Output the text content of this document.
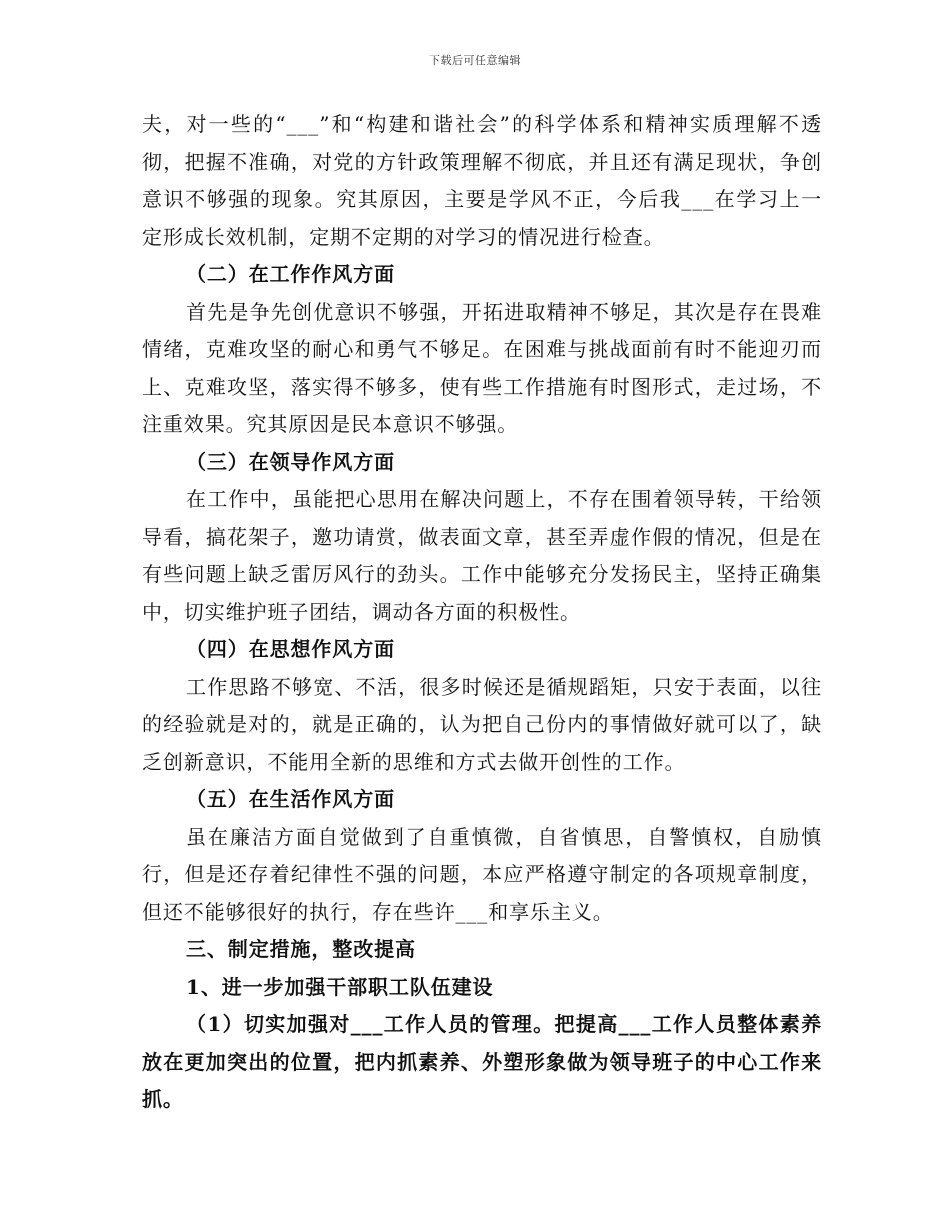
下载后可任意编辑

夫，对一些的“___”和“构建和谐社会”的科学体系和精神实质理解不透彻，把握不准确，对党的方针政策理解不彻底，并且还有满足现状，争创意识不够强的现象。究其原因，主要是学风不正，今后我___在学习上一定形成长效机制，定期不定期的对学习的情况进行检查。

（二）在工作作风方面

首先是争先创优意识不够强，开拓进取精神不够足，其次是存在畏难情绪，克难攻坚的耐心和勇气不够足。在困难与挑战面前有时不能迎刃而上、克难攻坚，落实得不够多，使有些工作措施有时图形式，走过场，不注重效果。究其原因是民本意识不够强。

（三）在领导作风方面

在工作中，虽能把心思用在解决问题上，不存在围着领导转，干给领导看，搞花架子，邀功请赏，做表面文章，甚至弄虚作假的情况，但是在有些问题上缺乏雷厉风行的劲头。工作中能够充分发扬民主，坚持正确集中，切实维护班子团结，调动各方面的积极性。

（四）在思想作风方面

工作思路不够宽、不活，很多时候还是循规蹈矩，只安于表面，以往的经验就是对的，就是正确的，认为把自己份内的事情做好就可以了，缺乏创新意识，不能用全新的思维和方式去做开创性的工作。

（五）在生活作风方面

虽在廉洁方面自觉做到了自重慎微，自省慎思，自警慎权，自励慎行，但是还存着纪律性不强的问题，本应严格遵守制定的各项规章制度，但还不能够很好的执行，存在些许___和享乐主义。

三、制定措施，整改提高

1、进一步加强干部职工队伍建设

（1）切实加强对___工作人员的管理。把提高___工作人员整体素养放在更加突出的位置，把内抓素养、外塑形象做为领导班子的中心工作来抓。
